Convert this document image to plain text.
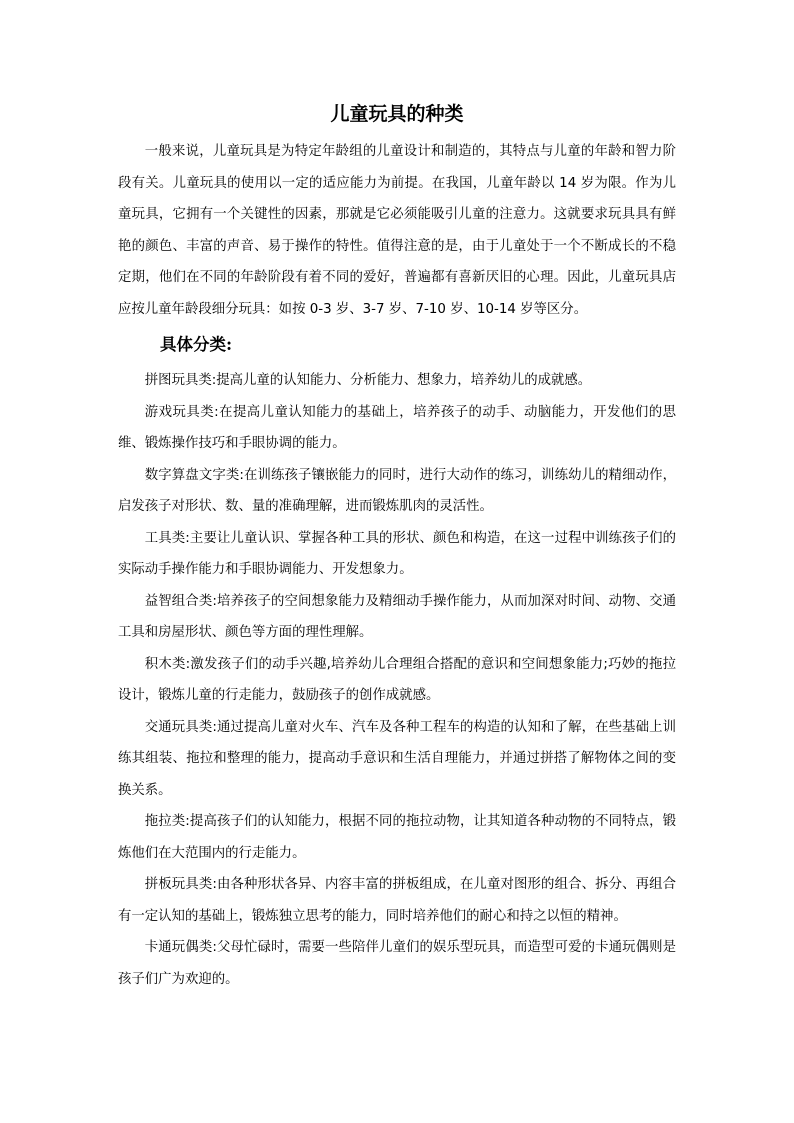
儿童玩具的种类

一般来说，儿童玩具是为特定年龄组的儿童设计和制造的，其特点与儿童的年龄和智力阶段有关。儿童玩具的使用以一定的适应能力为前提。在我国，儿童年龄以 14 岁为限。作为儿童玩具，它拥有一个关键性的因素，那就是它必须能吸引儿童的注意力。这就要求玩具具有鲜艳的颜色、丰富的声音、易于操作的特性。值得注意的是，由于儿童处于一个不断成长的不稳定期，他们在不同的年龄阶段有着不同的爱好，普遍都有喜新厌旧的心理。因此，儿童玩具店应按儿童年龄段细分玩具：如按 0-3 岁、3-7 岁、7-10 岁、10-14 岁等区分。

具体分类:

拼图玩具类:提高儿童的认知能力、分析能力、想象力，培养幼儿的成就感。

游戏玩具类:在提高儿童认知能力的基础上，培养孩子的动手、动脑能力，开发他们的思维、锻炼操作技巧和手眼协调的能力。

数字算盘文字类:在训练孩子镶嵌能力的同时，进行大动作的练习，训练幼儿的精细动作，启发孩子对形状、数、量的准确理解，进而锻炼肌肉的灵活性。

工具类:主要让儿童认识、掌握各种工具的形状、颜色和构造，在这一过程中训练孩子们的实际动手操作能力和手眼协调能力、开发想象力。

益智组合类:培养孩子的空间想象能力及精细动手操作能力，从而加深对时间、动物、交通工具和房屋形状、颜色等方面的理性理解。

积木类:激发孩子们的动手兴趣,培养幼儿合理组合搭配的意识和空间想象能力;巧妙的拖拉设计，锻炼儿童的行走能力，鼓励孩子的创作成就感。

交通玩具类:通过提高儿童对火车、汽车及各种工程车的构造的认知和了解，在些基础上训练其组装、拖拉和整理的能力，提高动手意识和生活自理能力，并通过拼搭了解物体之间的变换关系。

拖拉类:提高孩子们的认知能力，根据不同的拖拉动物，让其知道各种动物的不同特点，锻炼他们在大范围内的行走能力。

拼板玩具类:由各种形状各异、内容丰富的拼板组成，在儿童对图形的组合、拆分、再组合有一定认知的基础上，锻炼独立思考的能力，同时培养他们的耐心和持之以恒的精神。

卡通玩偶类:父母忙碌时，需要一些陪伴儿童们的娱乐型玩具，而造型可爱的卡通玩偶则是孩子们广为欢迎的。
